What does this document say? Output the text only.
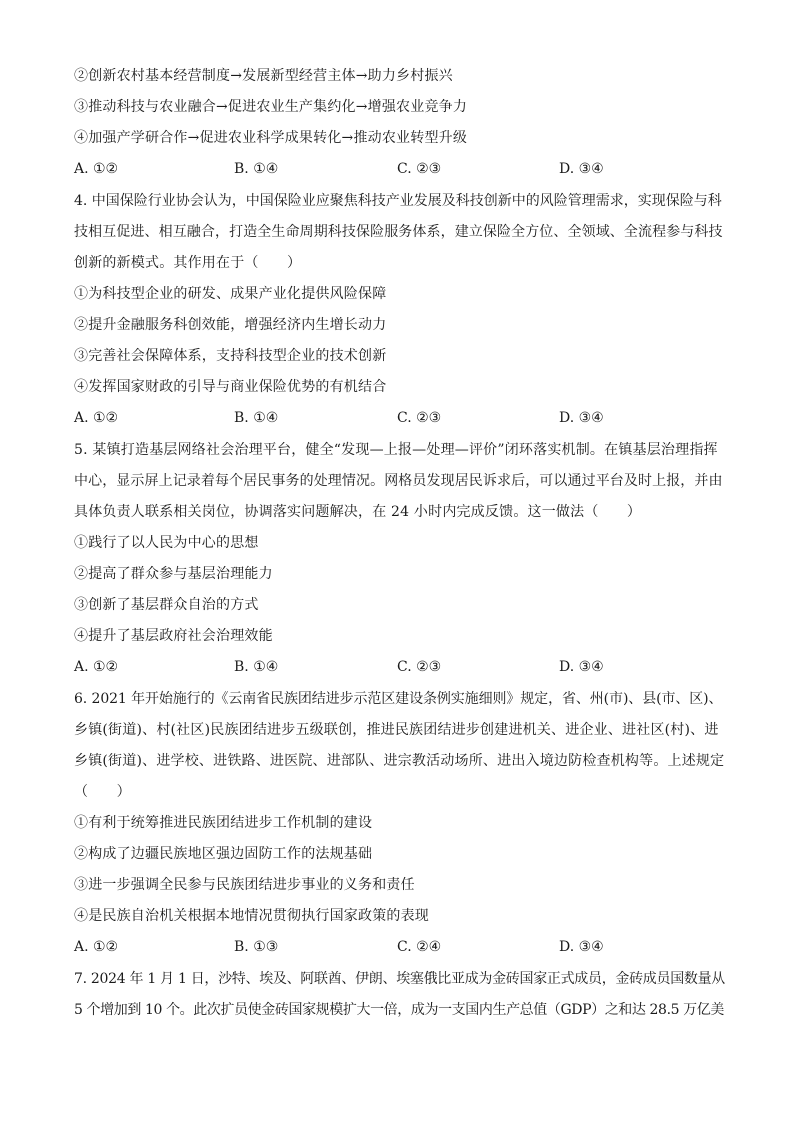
②创新农村基本经营制度→发展新型经营主体→助力乡村振兴
③推动科技与农业融合→促进农业生产集约化→增强农业竞争力
④加强产学研合作→促进农业科学成果转化→推动农业转型升级
A. ①②	B. ①④	C. ②③	D. ③④
4. 中国保险行业协会认为，中国保险业应聚焦科技产业发展及科技创新中的风险管理需求，实现保险与科
技相互促进、相互融合，打造全生命周期科技保险服务体系，建立保险全方位、全领域、全流程参与科技
创新的新模式。其作用在于（　　）
①为科技型企业的研发、成果产业化提供风险保障
②提升金融服务科创效能，增强经济内生增长动力
③完善社会保障体系，支持科技型企业的技术创新
④发挥国家财政的引导与商业保险优势的有机结合
A. ①②	B. ①④	C. ②③	D. ③④
5. 某镇打造基层网络社会治理平台，健全“发现—上报—处理—评价”闭环落实机制。在镇基层治理指挥
中心，显示屏上记录着每个居民事务的处理情况。网格员发现居民诉求后，可以通过平台及时上报，并由
具体负责人联系相关岗位，协调落实问题解决，在 24 小时内完成反馈。这一做法（　　）
①践行了以人民为中心的思想
②提高了群众参与基层治理能力
③创新了基层群众自治的方式
④提升了基层政府社会治理效能
A. ①②	B. ①④	C. ②③	D. ③④
6. 2021 年开始施行的《云南省民族团结进步示范区建设条例实施细则》规定，省、州(市)、县(市、区)、
乡镇(街道)、村(社区)民族团结进步五级联创，推进民族团结进步创建进机关、进企业、进社区(村)、进
乡镇(街道)、进学校、进铁路、进医院、进部队、进宗教活动场所、进出入境边防检查机构等。上述规定
（　　）
①有利于统筹推进民族团结进步工作机制的建设
②构成了边疆民族地区强边固防工作的法规基础
③进一步强调全民参与民族团结进步事业的义务和责任
④是民族自治机关根据本地情况贯彻执行国家政策的表现
A. ①②	B. ①③	C. ②④	D. ③④
7. 2024 年 1 月 1 日，沙特、埃及、阿联酋、伊朗、埃塞俄比亚成为金砖国家正式成员，金砖成员国数量从
5 个增加到 10 个。此次扩员使金砖国家规模扩大一倍，成为一支国内生产总值（GDP）之和达 28.5 万亿美
